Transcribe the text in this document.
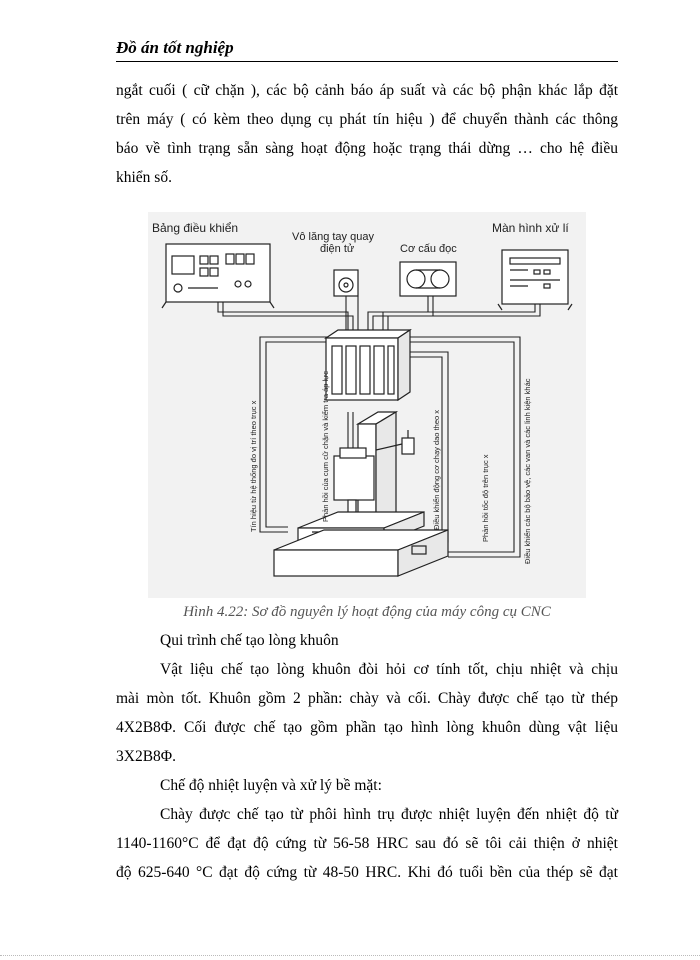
Đồ án tốt nghiệp
ngắt cuối ( cữ chặn ), các bộ cảnh báo áp suất và các bộ phận khác lắp đặt
trên máy ( có kèm theo dụng cụ phát tín hiệu ) để chuyển thành các thông
báo về tình trạng sẵn sàng hoạt động hoặc trạng thái dừng … cho hệ điều
khiển số.
Bảng điều khiển
Vô lăng tay quay
điện tử	Cơ cấu đọc
Màn hình xử lí
Tín hiệu từ hệ thống đo vị trí theo trục x	Phản hồi của cụm cữ chặn và kiểm tra áp lực	Điều khiển động cơ chạy dao theo x	Phản hồi tốc độ trên trục x	Điều khiển các bộ bảo vệ, các van và các linh kiện khác
Hình 4.22: Sơ đồ nguyên lý hoạt động của máy công cụ CNC
Qui trình chế tạo lòng khuôn
Vật liệu chế tạo lòng khuôn đòi hỏi cơ tính tốt, chịu nhiệt và chịu
mài mòn tốt. Khuôn gồm 2 phần: chày và cối. Chày được chế tạo từ thép
4X2B8Φ. Cối được chế tạo gồm phần tạo hình lòng khuôn dùng vật liệu
3X2B8Φ.
Chế độ nhiệt luyện và xử lý bề mặt:
Chày được chế tạo từ phôi hình trụ được nhiệt luyện đến nhiệt độ từ
1140-1160°C để đạt độ cứng từ 56-58 HRC sau đó sẽ tôi cải thiện ở nhiệt
độ 625-640 °C đạt độ cứng từ 48-50 HRC. Khi đó tuổi bền của thép sẽ đạt
